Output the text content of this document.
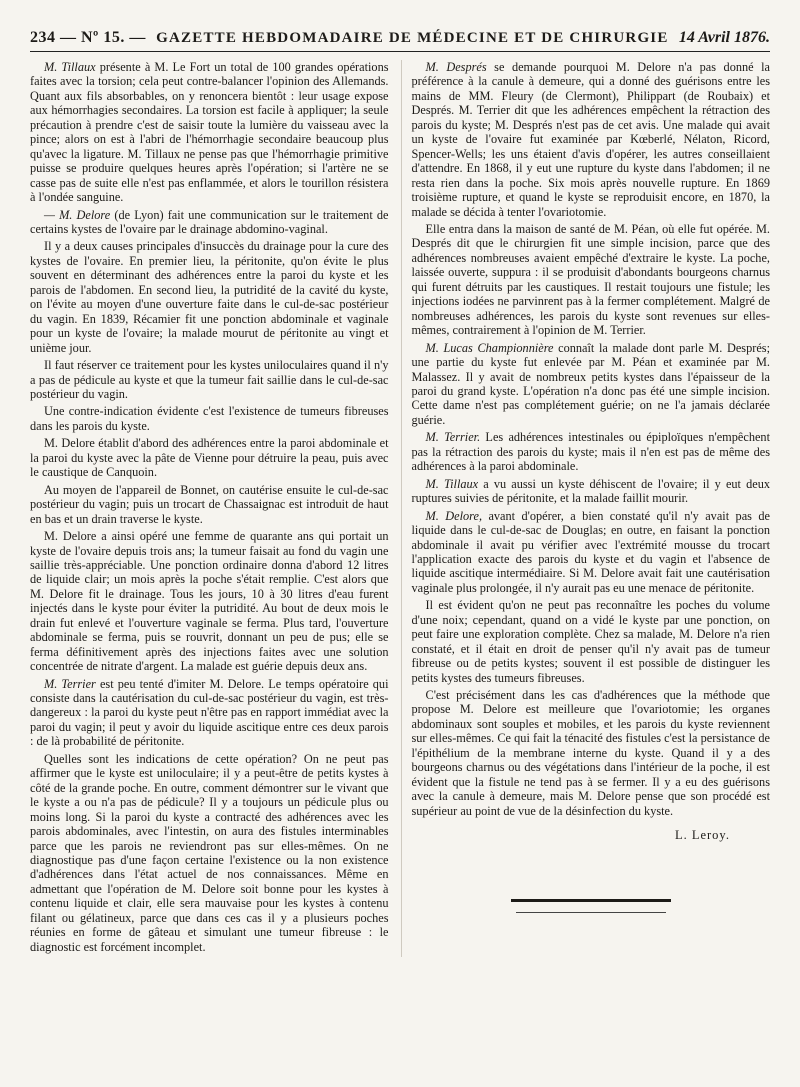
234 — Nº 15. — GAZETTE HEBDOMADAIRE DE MÉDECINE ET DE CHIRURGIE 14 Avril 1876.

M. Tillaux présente à M. Le Fort un total de 100 grandes opérations faites avec la torsion; cela peut contre-balancer l'opinion des Allemands. Quant aux fils absorbables, on y renoncera bientôt : leur usage expose aux hémorrhagies secondaires. La torsion est facile à appliquer; la seule précaution à prendre c'est de saisir toute la lumière du vaisseau avec la pince; alors on est à l'abri de l'hémorrhagie secondaire beaucoup plus qu'avec la ligature. M. Tillaux ne pense pas que l'hémorrhagie primitive puisse se produire quelques heures après l'opération; si l'artère ne se casse pas de suite elle n'est pas enflammée, et alors le tourillon résistera à l'ondée sanguine.

— M. Delore (de Lyon) fait une communication sur le traitement de certains kystes de l'ovaire par le drainage abdomino-vaginal.

Il y a deux causes principales d'insuccès du drainage pour la cure des kystes de l'ovaire. En premier lieu, la péritonite, qu'on évite le plus souvent en déterminant des adhérences entre la paroi du kyste et les parois de l'abdomen. En second lieu, la putridité de la cavité du kyste, on l'évite au moyen d'une ouverture faite dans le cul-de-sac postérieur du vagin. En 1839, Récamier fit une ponction abdominale et vaginale pour un kyste de l'ovaire; la malade mourut de péritonite au vingt et unième jour.

Il faut réserver ce traitement pour les kystes uniloculaires quand il n'y a pas de pédicule au kyste et que la tumeur fait saillie dans le cul-de-sac postérieur du vagin.

Une contre-indication évidente c'est l'existence de tumeurs fibreuses dans les parois du kyste.

M. Delore établit d'abord des adhérences entre la paroi abdominale et la paroi du kyste avec la pâte de Vienne pour détruire la peau, puis avec le caustique de Canquoin.

Au moyen de l'appareil de Bonnet, on cautérise ensuite le cul-de-sac postérieur du vagin; puis un trocart de Chassaignac est introduit de haut en bas et un drain traverse le kyste.

M. Delore a ainsi opéré une femme de quarante ans qui portait un kyste de l'ovaire depuis trois ans; la tumeur faisait au fond du vagin une saillie très-appréciable. Une ponction ordinaire donna d'abord 12 litres de liquide clair; un mois après la poche s'était remplie. C'est alors que M. Delore fit le drainage. Tous les jours, 10 à 30 litres d'eau furent injectés dans le kyste pour éviter la putridité. Au bout de deux mois le drain fut enlevé et l'ouverture vaginale se ferma. Plus tard, l'ouverture abdominale se ferma, puis se rouvrit, donnant un peu de pus; elle se ferma définitivement après des injections faites avec une solution concentrée de nitrate d'argent. La malade est guérie depuis deux ans.

M. Terrier est peu tenté d'imiter M. Delore. Le temps opératoire qui consiste dans la cautérisation du cul-de-sac postérieur du vagin, est très-dangereux : la paroi du kyste peut n'être pas en rapport immédiat avec la paroi du vagin; il peut y avoir du liquide ascitique entre ces deux parois : de là probabilité de péritonite.

Quelles sont les indications de cette opération? On ne peut pas affirmer que le kyste est uniloculaire; il y a peut-être de petits kystes à côté de la grande poche. En outre, comment démontrer sur le vivant que le kyste a ou n'a pas de pédicule? Il y a toujours un pédicule plus ou moins long. Si la paroi du kyste a contracté des adhérences avec les parois abdominales, avec l'intestin, on aura des fistules interminables parce que les parois ne reviendront pas sur elles-mêmes. On ne diagnostique pas d'une façon certaine l'existence ou la non existence d'adhérences dans l'état actuel de nos connaissances. Même en admettant que l'opération de M. Delore soit bonne pour les kystes à contenu liquide et clair, elle sera mauvaise pour les kystes à contenu filant ou gélatineux, parce que dans ces cas il y a plusieurs poches réunies en forme de gâteau et simulant une tumeur fibreuse : le diagnostic est forcément incomplet.

M. Després se demande pourquoi M. Delore n'a pas donné la préférence à la canule à demeure, qui a donné des guérisons entre les mains de MM. Fleury (de Clermont), Philippart (de Roubaix) et Després. M. Terrier dit que les adhérences empêchent la rétraction des parois du kyste; M. Després n'est pas de cet avis. Une malade qui avait un kyste de l'ovaire fut examinée par Kœberlé, Nélaton, Ricord, Spencer-Wells; les uns étaient d'avis d'opérer, les autres conseillaient d'attendre. En 1868, il y eut une rupture du kyste dans l'abdomen; il ne resta rien dans la poche. Six mois après nouvelle rupture. En 1869 troisième rupture, et quand le kyste se reproduisit encore, en 1870, la malade se décida à tenter l'ovariotomie.

Elle entra dans la maison de santé de M. Péan, où elle fut opérée. M. Després dit que le chirurgien fit une simple incision, parce que des adhérences nombreuses avaient empêché d'extraire le kyste. La poche, laissée ouverte, suppura : il se produisit d'abondants bourgeons charnus qui furent détruits par les caustiques. Il restait toujours une fistule; les injections iodées ne parvinrent pas à la fermer complétement. Malgré de nombreuses adhérences, les parois du kyste sont revenues sur elles-mêmes, contrairement à l'opinion de M. Terrier.

M. Lucas Championnière connaît la malade dont parle M. Després; une partie du kyste fut enlevée par M. Péan et examinée par M. Malassez. Il y avait de nombreux petits kystes dans l'épaisseur de la paroi du grand kyste. L'opération n'a donc pas été une simple incision. Cette dame n'est pas complétement guérie; on ne l'a jamais déclarée guérie.

M. Terrier. Les adhérences intestinales ou épiploïques n'empêchent pas la rétraction des parois du kyste; mais il n'en est pas de même des adhérences à la paroi abdominale.

M. Tillaux a vu aussi un kyste déhiscent de l'ovaire; il y eut deux ruptures suivies de péritonite, et la malade faillit mourir.

M. Delore, avant d'opérer, a bien constaté qu'il n'y avait pas de liquide dans le cul-de-sac de Douglas; en outre, en faisant la ponction abdominale il avait pu vérifier avec l'extrémité mousse du trocart l'application exacte des parois du kyste et du vagin et l'absence de liquide ascitique intermédiaire. Si M. Delore avait fait une cautérisation vaginale plus prolongée, il n'y aurait pas eu une menace de péritonite.

Il est évident qu'on ne peut pas reconnaître les poches du volume d'une noix; cependant, quand on a vidé le kyste par une ponction, on peut faire une exploration complète. Chez sa malade, M. Delore n'a rien constaté, et il était en droit de penser qu'il n'y avait pas de tumeur fibreuse ou de petits kystes; souvent il est possible de distinguer les petits kystes des tumeurs fibreuses.

C'est précisément dans les cas d'adhérences que la méthode que propose M. Delore est meilleure que l'ovariotomie; les organes abdominaux sont souples et mobiles, et les parois du kyste reviennent sur elles-mêmes. Ce qui fait la ténacité des fistules c'est la persistance de l'épithélium de la membrane interne du kyste. Quand il y a des bourgeons charnus ou des végétations dans l'intérieur de la poche, il est évident que la fistule ne tend pas à se fermer. Il y a eu des guérisons avec la canule à demeure, mais M. Delore pense que son procédé est supérieur au point de vue de la désinfection du kyste.

L. Leroy.
